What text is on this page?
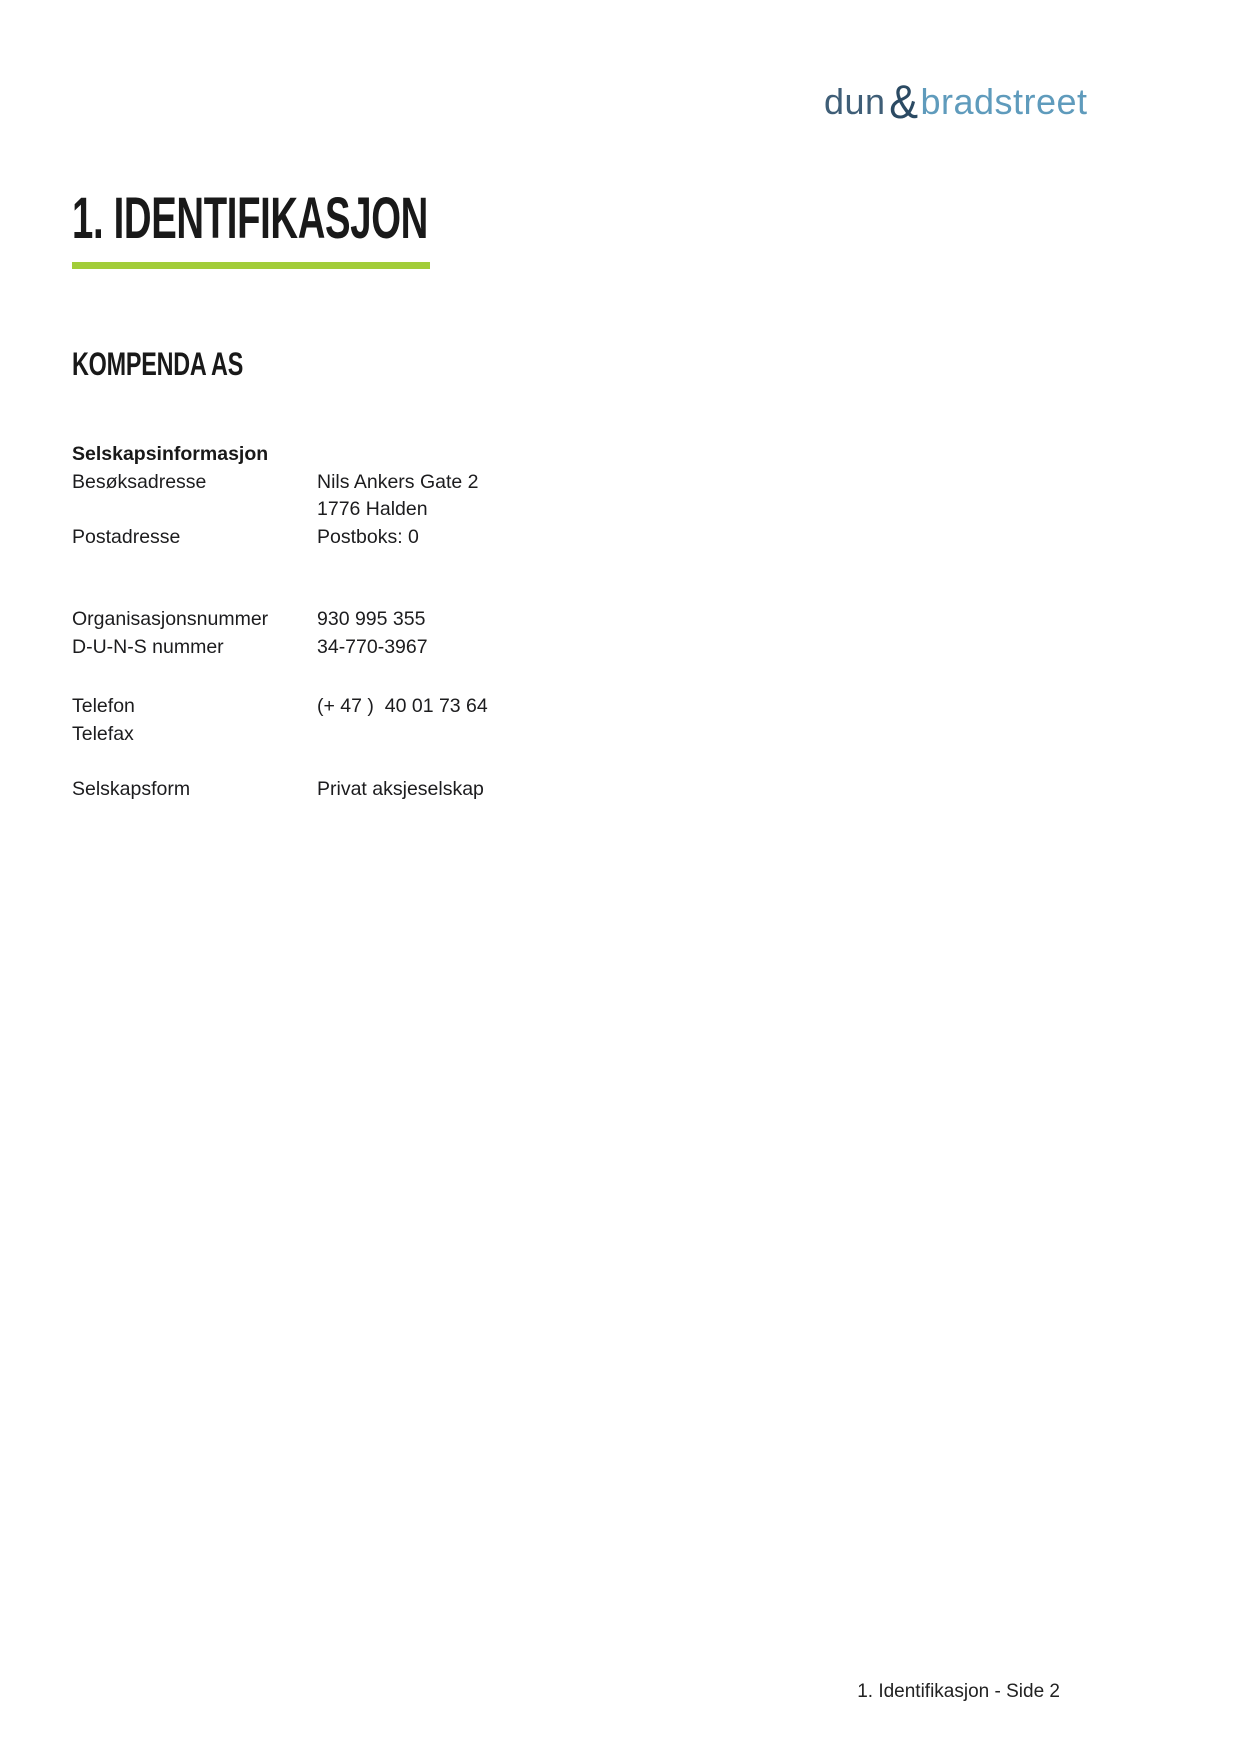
dun&bradstreet
1. IDENTIFIKASJON
KOMPENDA AS
Selskapsinformasjon
Besøksadresse	Nils Ankers Gate 2
1776 Halden
Postadresse	Postboks: 0
Organisasjonsnummer	930 995 355
D-U-N-S nummer	34-770-3967
Telefon	(+ 47 )  40 01 73 64
Telefax
Selskapsform	Privat aksjeselskap
1. Identifikasjon - Side 2
